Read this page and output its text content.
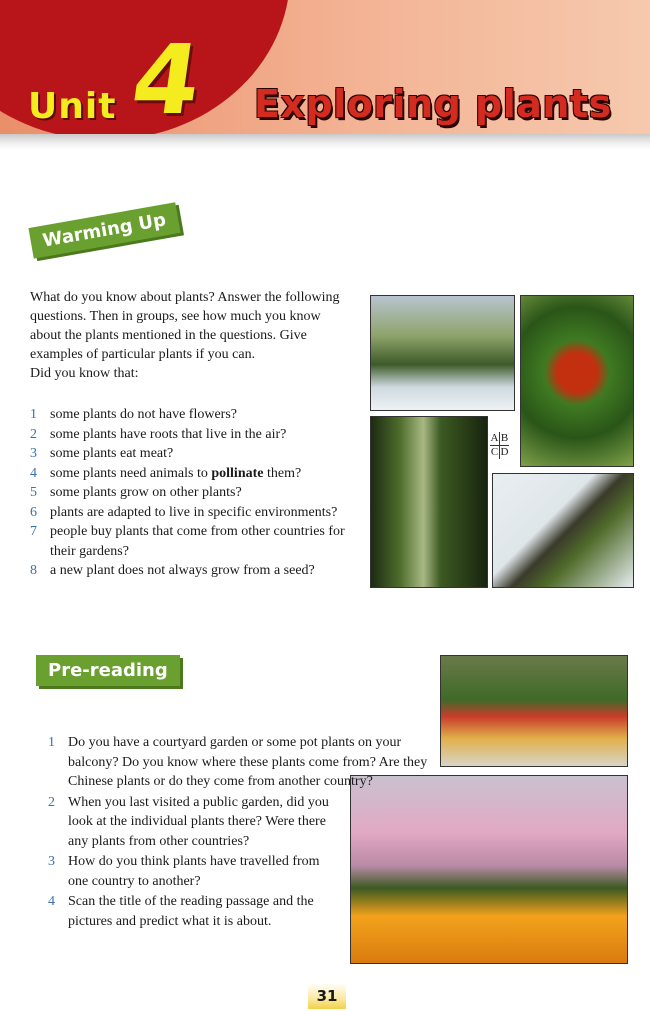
Unit 4 Exploring plants
Warming Up

What do you know about plants? Answer the following

questions. Then in groups, see how much you know

about the plants mentioned in the questions. Give

examples of particular plants if you can.

Did you know that:

1 some plants do not have flowers?
2 some plants have roots that live in the air?
3 some plants eat meat?
4 some plants need animals to pollinate them?
5 some plants grow on other plants?
6 plants are adapted to live in specific environments?
7 people buy plants that come from other countries for their gardens?
8 a new plant does not always grow from a seed?
A B
C D
Pre-reading
1 Do you have a courtyard garden or some pot plants on your balcony? Do you know where these plants come from? Are they Chinese plants or do they come from another country?
2 When you last visited a public garden, did you look at the individual plants there? Were there any plants from other countries?
3 How do you think plants have travelled from one country to another?
4 Scan the title of the reading passage and the pictures and predict what it is about.
31
